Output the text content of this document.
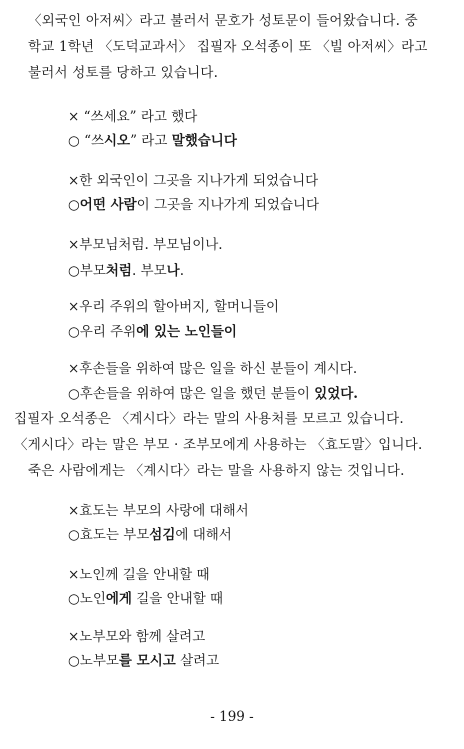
〈외국인 아저씨〉라고 불러서 문호가 성토문이 들어왔습니다. 중
학교 1학년 〈도덕교과서〉 집필자 오석종이 또 〈빌 아저씨〉라고
불러서 성토를 당하고 있습니다.
× “쓰세요” 라고 했다
○ “쓰시오” 라고 말했습니다
×한 외국인이 그곳을 지나가게 되었습니다
○어떤 사람이 그곳을 지나가게 되었습니다
×부모님처럼. 부모님이나.
○부모처럼. 부모나.
×우리 주위의 할아버지, 할머니들이
○우리 주위에 있는 노인들이
×후손들을 위하여 많은 일을 하신 분들이 계시다.
○후손들을 위하여 많은 일을 했던 분들이 있었다.
집필자 오석종은 〈계시다〉라는 말의 사용처를 모르고 있습니다.
〈게시다〉라는 말은 부모 · 조부모에게 사용하는 〈효도말〉입니다.
죽은 사람에게는 〈계시다〉라는 말을 사용하지 않는 것입니다.
×효도는 부모의 사랑에 대해서
○효도는 부모섬김에 대해서
×노인께 길을 안내할 때
○노인에게 길을 안내할 때
×노부모와 함께 살려고
○노부모를 모시고 살려고
- 199 -
